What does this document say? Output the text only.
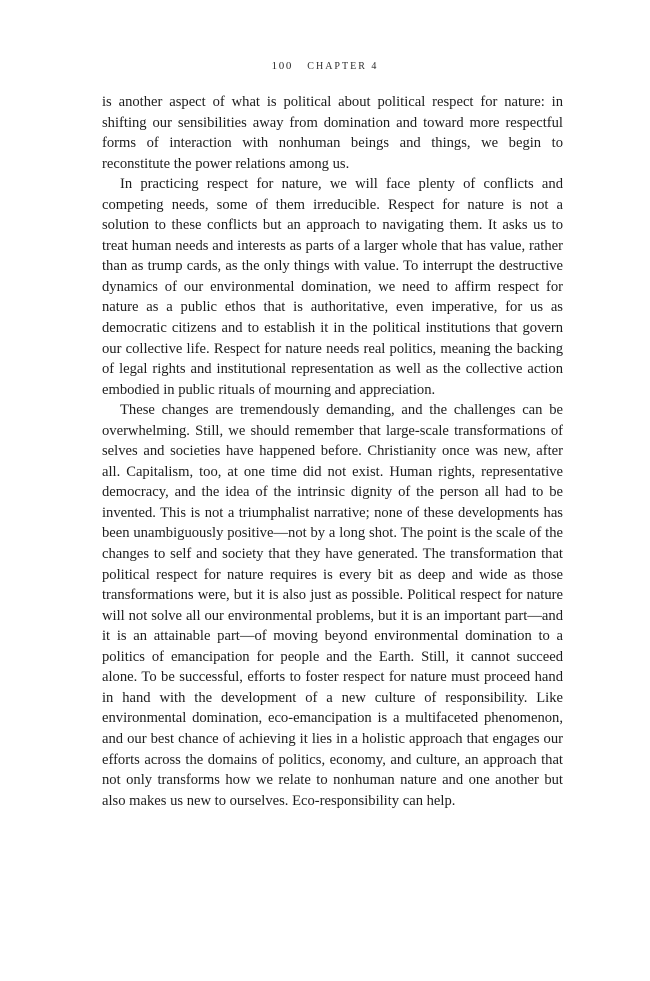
100 CHAPTER 4

is another aspect of what is political about political respect for nature: in shifting our sensibilities away from domination and toward more respectful forms of interaction with nonhuman beings and things, we begin to reconstitute the power relations among us.

In practicing respect for nature, we will face plenty of conflicts and competing needs, some of them irreducible. Respect for nature is not a solution to these conflicts but an approach to navigating them. It asks us to treat human needs and interests as parts of a larger whole that has value, rather than as trump cards, as the only things with value. To interrupt the destructive dynamics of our environmental domination, we need to affirm respect for nature as a public ethos that is authoritative, even imperative, for us as democratic citizens and to establish it in the political institutions that govern our collective life. Respect for nature needs real politics, meaning the backing of legal rights and institutional representation as well as the collective action embodied in public rituals of mourning and appreciation.

These changes are tremendously demanding, and the challenges can be overwhelming. Still, we should remember that large-scale transformations of selves and societies have happened before. Christianity once was new, after all. Capitalism, too, at one time did not exist. Human rights, representative democracy, and the idea of the intrinsic dignity of the person all had to be invented. This is not a triumphalist narrative; none of these developments has been unambiguously positive—not by a long shot. The point is the scale of the changes to self and society that they have generated. The transformation that political respect for nature requires is every bit as deep and wide as those transformations were, but it is also just as possible. Political respect for nature will not solve all our environmental problems, but it is an important part—and it is an attainable part—of moving beyond environmental domination to a politics of emancipation for people and the Earth. Still, it cannot succeed alone. To be successful, efforts to foster respect for nature must proceed hand in hand with the development of a new culture of responsibility. Like environmental domination, eco-emancipation is a multifaceted phenomenon, and our best chance of achieving it lies in a holistic approach that engages our efforts across the domains of politics, economy, and culture, an approach that not only transforms how we relate to nonhuman nature and one another but also makes us new to ourselves. Eco-responsibility can help.
